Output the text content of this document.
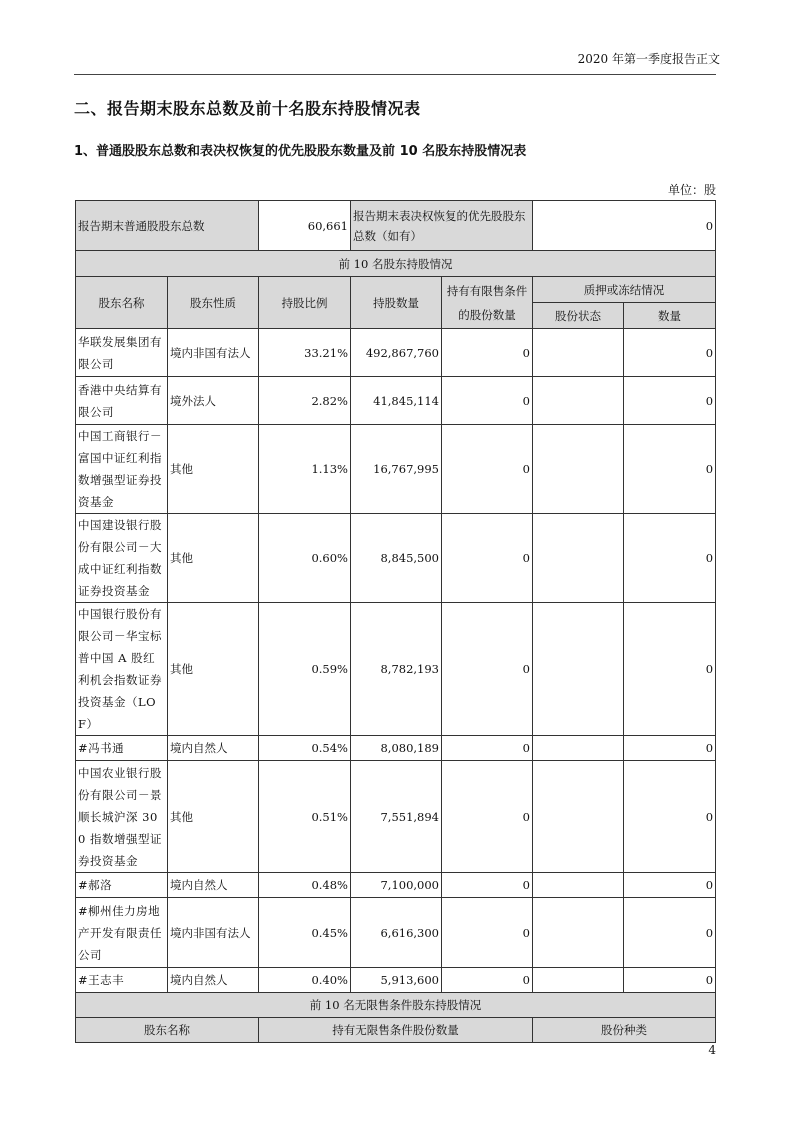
2020 年第一季度报告正文
二、报告期末股东总数及前十名股东持股情况表
1、普通股股东总数和表决权恢复的优先股股东数量及前 10 名股东持股情况表
单位：股
报告期末普通股股东总数		60,661	报告期末表决权恢复的优先股股东总数（如有）		0	
前 10 名股东持股情况						
股东名称	股东性质	持股比例	持股数量	持有有限售条件的股份数量	质押或冻结情况	
					股份状态	数量
华联发展集团有限公司	境内非国有法人	33.21%	492,867,760	0		0
香港中央结算有限公司	境外法人	2.82%	41,845,114	0		0
中国工商银行－富国中证红利指数增强型证券投资基金	其他	1.13%	16,767,995	0		0
中国建设银行股份有限公司－大成中证红利指数证券投资基金	其他	0.60%	8,845,500	0		0
中国银行股份有限公司－华宝标普中国 A 股红利机会指数证券投资基金（LOF）	其他	0.59%	8,782,193	0		0
#冯书通	境内自然人	0.54%	8,080,189	0		0
中国农业银行股份有限公司－景顺长城沪深 300 指数增强型证券投资基金	其他	0.51%	7,551,894	0		0
#郝洛	境内自然人	0.48%	7,100,000	0		0
#柳州佳力房地产开发有限责任公司	境内非国有法人	0.45%	6,616,300	0		0
#王志丰	境内自然人	0.40%	5,913,600	0		0
前 10 名无限售条件股东持股情况						
股东名称		持有无限售条件股份数量			股份种类	
4
